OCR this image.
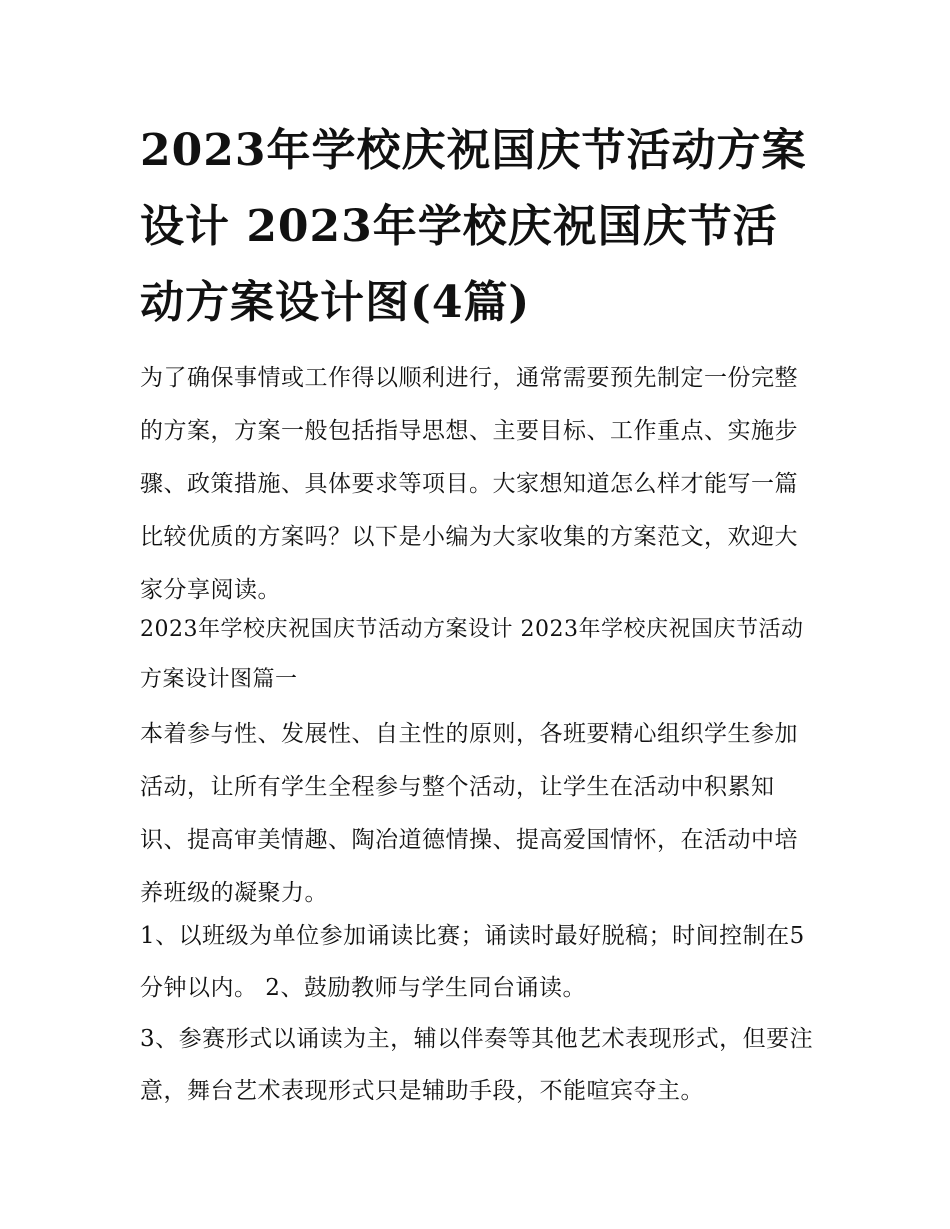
2023年学校庆祝国庆节活动方案设计 2023年学校庆祝国庆节活动方案设计图(4篇)

为了确保事情或工作得以顺利进行，通常需要预先制定一份完整的方案，方案一般包括指导思想、主要目标、工作重点、实施步骤、政策措施、具体要求等项目。大家想知道怎么样才能写一篇比较优质的方案吗？以下是小编为大家收集的方案范文，欢迎大家分享阅读。

2023年学校庆祝国庆节活动方案设计 2023年学校庆祝国庆节活动方案设计图篇一

本着参与性、发展性、自主性的原则，各班要精心组织学生参加活动，让所有学生全程参与整个活动，让学生在活动中积累知识、提高审美情趣、陶冶道德情操、提高爱国情怀，在活动中培养班级的凝聚力。

1、以班级为单位参加诵读比赛；诵读时最好脱稿；时间控制在5分钟以内。 2、鼓励教师与学生同台诵读。

3、参赛形式以诵读为主，辅以伴奏等其他艺术表现形式，但要注意，舞台艺术表现形式只是辅助手段，不能喧宾夺主。
